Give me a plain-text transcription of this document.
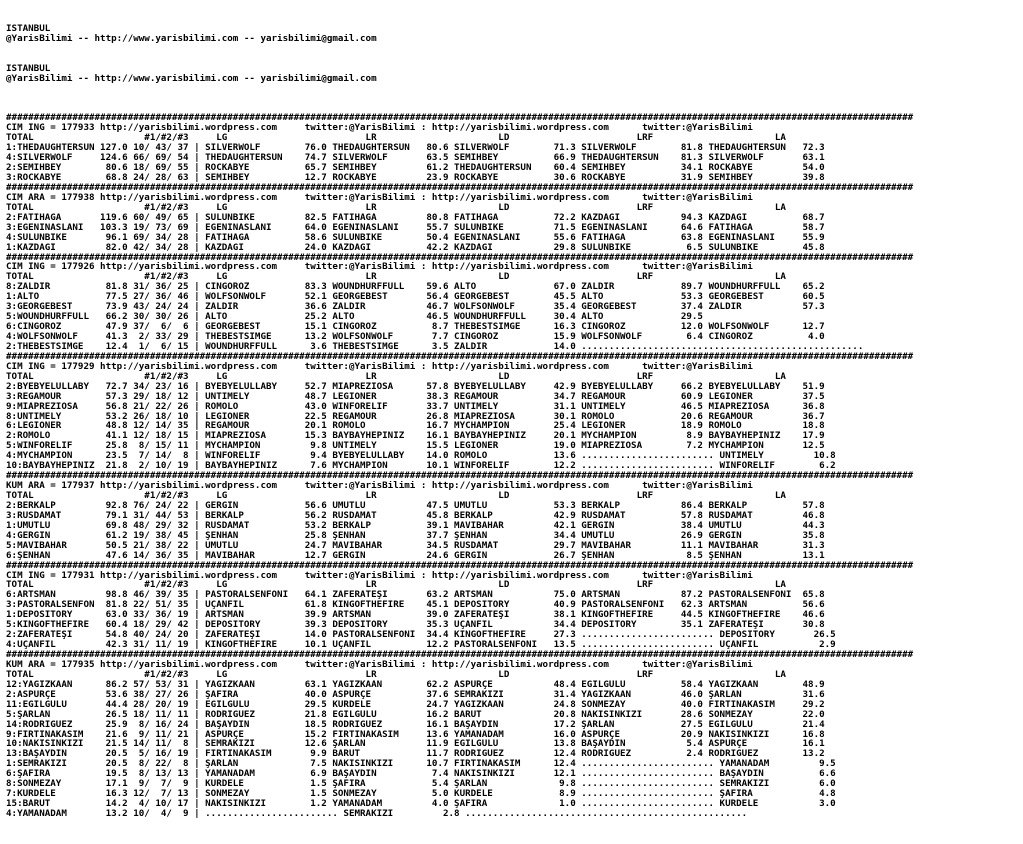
ISTANBUL
@YarisBilimi -- http://www.yarisbilimi.com -- yarisbilimi@gmail.com
ISTANBUL
@YarisBilimi -- http://www.yarisbilimi.com -- yarisbilimi@gmail.com

####################################################################################################################################################################
CIM ING = 177933 http://yarisbilimi.wordpress.com     twitter:@YarisBilimi : http://yarisbilimi.wordpress.com      twitter:@YarisBilimi
TOTAL                    #1/#2/#3     LG                         LR                      LD                       LRF                      LA
1:THEDAUGHTERSUN 127.0 10/ 43/ 37 | SILVERWOLF        76.0 THEDAUGHTERSUN   80.6 SILVERWOLF        71.3 SILVERWOLF        81.8 THEDAUGHTERSUN   72.3
4:SILVERWOLF     124.6 66/ 69/ 54 | THEDAUGHTERSUN    74.7 SILVERWOLF       63.5 SEMIHBEY          66.9 THEDAUGHTERSUN    81.3 SILVERWOLF       63.1
2:SEMIHBEY        80.6 18/ 69/ 55 | ROCKABYE          65.7 SEMIHBEY         61.2 THEDAUGHTERSUN    60.4 SEMIHBEY          34.1 ROCKABYE         54.0
3:ROCKABYE        68.8 24/ 28/ 63 | SEMIHBEY          12.7 ROCKABYE         23.9 ROCKABYE          30.6 ROCKABYE          31.9 SEMIHBEY         39.8
####################################################################################################################################################################
CIM ARA = 177938 http://yarisbilimi.wordpress.com     twitter:@YarisBilimi : http://yarisbilimi.wordpress.com      twitter:@YarisBilimi
TOTAL                    #1/#2/#3     LG                         LR                      LD                       LRF                      LA
2:FATİHAĞA       119.6 60/ 49/ 65 | SULUNBİKE         82.5 FATİHAĞA         80.8 FATİHAĞA          72.2 KAZDAĞI           94.3 KAZDAĞI          68.7
3:EGENİNASLANI   103.3 19/ 73/ 69 | EGENİNASLANI      64.0 EGENİNASLANI     55.7 SULUNBİKE         71.5 EGENİNASLANI      64.6 FATİHAĞA         58.7
4:SULUNBİKE       96.1 69/ 34/ 28 | FATİHAĞA          58.6 SULUNBİKE        50.4 EGENİNASLANI      55.6 FATİHAĞA          63.8 EGENİNASLANI     55.9
1:KAZDAĞI         82.0 42/ 34/ 28 | KAZDAĞI           24.0 KAZDAĞI          42.2 KAZDAĞI           29.8 SULUNBİKE          6.5 SULUNBİKE        45.8
####################################################################################################################################################################
CIM ING = 177926 http://yarisbilimi.wordpress.com     twitter:@YarisBilimi : http://yarisbilimi.wordpress.com      twitter:@YarisBilimi
TOTAL                    #1/#2/#3     LG                         LR                      LD                       LRF                      LA
8:ZALDIR          81.8 31/ 36/ 25 | CINGOROZ          83.3 WOUNDHURFFULL    59.6 ALTO              67.0 ZALDIR            89.7 WOUNDHURFFULL    65.2
1:ALTO            77.5 27/ 36/ 46 | WOLFSONWOLF       52.1 GEORGEBEST       56.4 GEORGEBEST        45.5 ALTO              53.3 GEORGEBEST       60.5
3:GEORGEBEST      73.9 43/ 24/ 24 | ZALDIR            36.6 ZALDIR           46.7 WOLFSONWOLF       35.4 GEORGEBEST        37.4 ZALDIR           57.3
5:WOUNDHURFFULL   66.2 30/ 30/ 26 | ALTO              25.2 ALTO             46.5 WOUNDHURFFULL     30.4 ALTO              29.5
6:CINGOROZ        47.9 37/  6/  6 | GEORGEBEST        15.1 CINGOROZ          8.7 THEBESTSİMGE      16.3 CINGOROZ          12.0 WOLFSONWOLF      12.7
4:WOLFSONWOLF     41.3  2/ 33/ 29 | THEBESTSİMGE      13.2 WOLFSONWOLF       7.7 CINGOROZ          15.9 WOLFSONWOLF        6.4 CINGOROZ          4.0
2:THEBESTSİMGE    12.4  1/  6/ 15 | WOUNDHURFFULL      3.6 THEBESTSİMGE      3.5 ZALDIR            14.0 ...................................................
####################################################################################################################################################################
CIM ING = 177929 http://yarisbilimi.wordpress.com     twitter:@YarisBilimi : http://yarisbilimi.wordpress.com      twitter:@YarisBilimi
TOTAL                    #1/#2/#3     LG                         LR                      LD                       LRF                      LA
2:BYEBYELULLABY   72.7 34/ 23/ 16 | BYEBYELULLABY     52.7 MIAPREZIOSA      57.8 BYEBYELULLABY     42.9 BYEBYELULLABY     66.2 BYEBYELULLABY    51.9
3:REGAMOUR        57.3 29/ 18/ 12 | UNTIMELY          48.7 LEGIONER         38.3 REGAMOUR          34.7 REGAMOUR          60.9 LEGIONER         37.5
9:MIAPREZIOSA     56.8 21/ 22/ 26 | ROMOLO            43.0 WINFORELİF       33.7 UNTIMELY          31.1 UNTIMELY          46.5 MIAPREZIOSA      36.8
8:UNTIMELY        53.2 26/ 18/ 10 | LEGIONER          22.5 REGAMOUR         26.8 MIAPREZIOSA       30.1 ROMOLO            20.6 REGAMOUR         36.7
6:LEGIONER        48.8 12/ 14/ 35 | REGAMOUR          20.1 ROMOLO           16.7 MYCHAMPION        25.4 LEGIONER          18.9 ROMOLO           18.8
2:ROMOLO          41.1 12/ 18/ 15 | MIAPREZIOSA       15.3 BAYBAYHEPİNİZ    16.1 BAYBAYHEPİNİZ     20.1 MYCHAMPION         8.9 BAYBAYHEPİNİZ    17.9
5:WINFORELİF      25.8  8/ 15/ 11 | MYCHAMPION         9.8 UNTIMELY         15.5 LEGIONER          19.0 MIAPREZIOSA        7.2 MYCHAMPION       12.5
4:MYCHAMPION      23.5  7/ 14/  8 | WINFORELİF         9.4 BYEBYELULLABY    14.0 ROMOLO            13.6 ........................ UNTIMELY         10.8
10:BAYBAYHEPİNİZ  21.8  2/ 10/ 19 | BAYBAYHEPİNİZ      7.6 MYCHAMPION       10.1 WINFORELİF        12.2 ........................ WINFORELİF        6.2
####################################################################################################################################################################
KUM ARA = 177937 http://yarisbilimi.wordpress.com     twitter:@YarisBilimi : http://yarisbilimi.wordpress.com      twitter:@YarisBilimi
TOTAL                    #1/#2/#3     LG                         LR                      LD                       LRF                      LA
2:BERKALP         92.8 76/ 24/ 22 | GERGİN            56.6 UMUTLU           47.5 UMUTLU            53.3 BERKALP           86.4 BERKALP          57.8
3:RUSDAMAT        79.1 31/ 44/ 53 | BERKALP           56.2 RUSDAMAT         45.8 BERKALP           42.9 RUSDAMAT          57.8 RUSDAMAT         46.8
1:UMUTLU          69.8 48/ 29/ 32 | RUSDAMAT          53.2 BERKALP          39.1 MAVİBAHAR         42.1 GERGİN            38.4 UMUTLU           44.3
4:GERGİN          61.2 19/ 38/ 45 | ŞENHAN            25.8 ŞENHAN           37.7 ŞENHAN            34.4 UMUTLU            26.9 GERGİN           35.8
5:MAVİBAHAR       50.5 21/ 38/ 22 | UMUTLU            24.7 MAVİBAHAR        34.5 RUSDAMAT          29.7 MAVİBAHAR         11.1 MAVİBAHAR        31.3
6:ŞENHAN          47.6 14/ 36/ 35 | MAVİBAHAR         12.7 GERGİN           24.6 GERGİN            26.7 ŞENHAN             8.5 ŞENHAN           13.1
####################################################################################################################################################################
CIM ING = 177931 http://yarisbilimi.wordpress.com     twitter:@YarisBilimi : http://yarisbilimi.wordpress.com      twitter:@YarisBilimi
TOTAL                    #1/#2/#3     LG                         LR                      LD                       LRF                      LA
6:ARTSMAN         98.8 46/ 39/ 35 | PASTORALSENFONİ   64.1 ZAFERATEŞİ       63.2 ARTSMAN           75.0 ARTSMAN           87.2 PASTORALSENFONİ  65.8
3:PASTORALSENFON  81.8 22/ 51/ 35 | UÇANFİL           61.8 KINGOFTHEFIRE    45.1 DEPOSITORY        40.9 PASTORALSENFONİ   62.3 ARTSMAN          56.6
1:DEPOSITORY      63.0 33/ 36/ 19 | ARTSMAN           39.9 ARTSMAN          39.0 ZAFERATEŞİ        38.1 KINGOFTHEFIRE     44.5 KINGOFTHEFIRE    46.6
5:KINGOFTHEFIRE   60.4 18/ 29/ 42 | DEPOSITORY        39.3 DEPOSITORY       35.3 UÇANFİL           34.4 DEPOSITORY        35.1 ZAFERATEŞİ       30.8
2:ZAFERATEŞİ      54.8 40/ 24/ 20 | ZAFERATEŞİ        14.0 PASTORALSENFONİ  34.4 KINGOFTHEFIRE     27.3 ........................ DEPOSITORY       26.5
4:UÇANFİL         42.3 31/ 11/ 19 | KINGOFTHEFIRE     10.1 UÇANFİL          12.2 PASTORALSENFONİ   13.5 ........................ UÇANFİL           2.9
####################################################################################################################################################################
KUM ARA = 177935 http://yarisbilimi.wordpress.com     twitter:@YarisBilimi : http://yarisbilimi.wordpress.com      twitter:@YarisBilimi
TOTAL                    #1/#2/#3     LG                         LR                      LD                       LRF                      LA
12:YAĞIZKAAN      86.2 57/ 53/ 31 | YAĞIZKAAN         63.1 YAĞIZKAAN        62.2 ASPURÇE           48.4 EGILGÜLÜ          58.4 YAĞIZKAAN        48.9
2:ASPURÇE         53.6 38/ 27/ 26 | ŞAFİRA            40.0 ASPURÇE          37.6 SEMRAKİZI         31.4 YAĞIZKAAN         46.0 ŞARLAN           31.6
11:EGILGÜLÜ       44.4 28/ 20/ 19 | EGILGÜLÜ          29.5 KURDELE          24.7 YAĞIZKAAN         24.8 SONMEZAY          40.0 FIRTINAKASIM     29.2
5:ŞARLAN          26.5 18/ 11/ 11 | RODRIGUEZ         21.8 EGILGÜLÜ         16.2 BARUT             20.8 NAKİSİNKİZİ       28.6 SONMEZAY         22.0
14:RODRIGUEZ      25.9  8/ 16/ 24 | BAŞAYDIN          18.5 RODRIGUEZ        16.1 BAŞAYDIN          17.2 ŞARLAN            27.5 EGILGÜLÜ         21.4
9:FIRTINAKASIM    21.6  9/ 11/ 21 | ASPURÇE           15.2 FIRTINAKASIM     13.6 YAMANADAM         16.0 ASPURÇE           20.9 NAKİSİNKİZİ      16.8
10:NAKİSİNKİZİ    21.5 14/ 11/  8 | SEMRAKİZI         12.6 ŞARLAN           11.9 EGILGÜLÜ          13.8 BAŞAYDIN           5.4 ASPURÇE          16.1
13:BAŞAYDIN       20.5  5/ 16/ 19 | FIRTINAKASIM       9.9 BARUT            11.7 RODRIGUEZ         12.4 RODRIGUEZ          2.4 RODRIGUEZ        13.2
1:SEMRAKİZI       20.5  8/ 22/  8 | ŞARLAN             7.5 NAKİSİNKİZİ      10.7 FIRTINAKASIM      12.4 ........................ YAMANADAM         9.5
6:ŞAFİRA          19.5  8/ 13/ 13 | YAMANADAM          6.9 BAŞAYDIN          7.4 NAKİSİNKİZİ       12.1 ........................ BAŞAYDIN          6.6
8:SONMEZAY        17.1  9/  7/  9 | KURDELE            1.5 ŞAFİRA            5.4 ŞARLAN             9.8 ........................ SEMRAKİZI         6.0
7:KURDELE         16.3 12/  7/ 13 | SONMEZAY           1.5 SONMEZAY          5.0 KURDELE            8.9 ........................ ŞAFİRA            4.8
15:BARUT          14.2  4/ 10/ 17 | NAKİSİNKİZİ        1.2 YAMANADAM         4.0 ŞAFİRA             1.0 ........................ KURDELE           3.0
4:YAMANADAM       13.2 10/  4/  9 | ........................ SEMRAKİZI         2.8 ...................................................
